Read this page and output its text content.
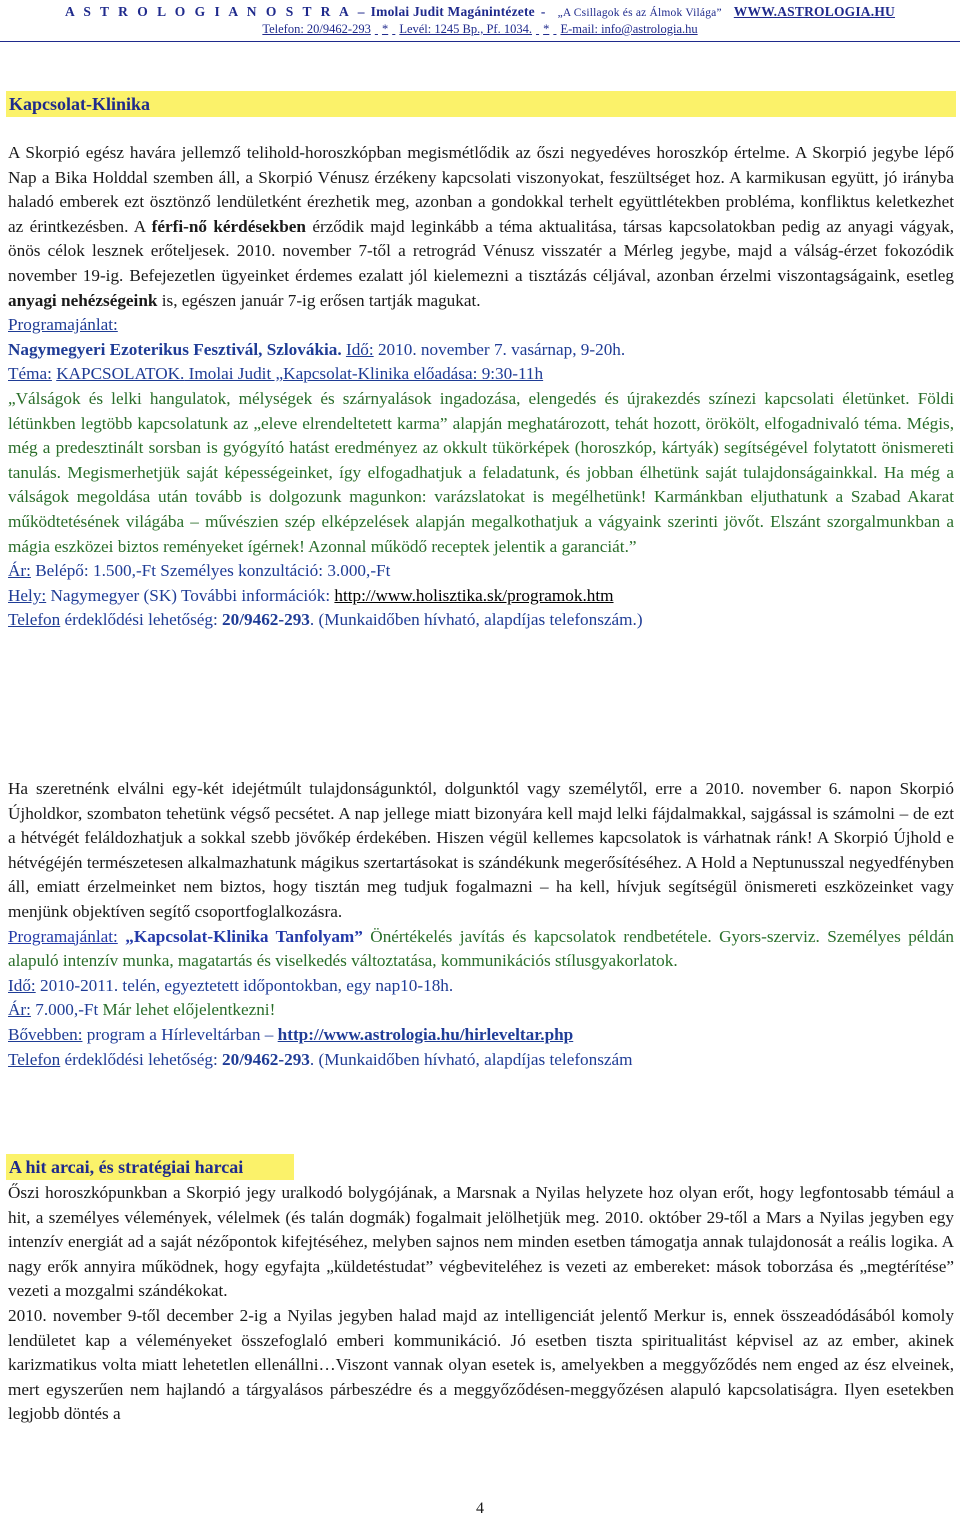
A S T R O L O G I A N O S T R A – Imolai Judit Magánintézete - „A Csillagok és az Álmok Világa” WWW.ASTROLOGIA.HU
Telefon: 20/9462-293 * Levél: 1245 Bp., Pf. 1034. * E-mail: info@astrologia.hu
Kapcsolat-Klinika

A Skorpió egész havára jellemző telihold-horoszkópban megismétlődik az őszi negyedéves horoszkóp értelme. A Skorpió jegybe lépő Nap a Bika Holddal szemben áll, a Skorpió Vénusz érzékeny kapcsolati viszonyokat, feszültséget hoz. A karmikusan együtt, jó irányba haladó emberek ezt ösztönző lendületként érezhetik meg, azonban a gondokkal terhelt együttlétekben probléma, konfliktus keletkezhet az érintkezésben. A férfi-nő kérdésekben érződik majd leginkább a téma aktualitása, társas kapcsolatokban pedig az anyagi vágyak, önös célok lesznek erőteljesek. 2010. november 7-től a retrográd Vénusz visszatér a Mérleg jegybe, majd a válság-érzet fokozódik november 19-ig. Befejezetlen ügyeinket érdemes ezalatt jól kielemezni a tisztázás céljával, azonban érzelmi viszontagságaink, esetleg anyagi nehézségeink is, egészen január 7-ig erősen tartják magukat.

Programajánlat:
Nagymegyeri Ezoterikus Fesztivál, Szlovákia. Idő: 2010. november 7. vasárnap, 9-20h.
Téma: KAPCSOLATOK. Imolai Judit „Kapcsolat-Klinika előadása: 9:30-11h

„Válságok és lelki hangulatok, mélységek és szárnyalások ingadozása, elengedés és újrakezdés színezi kapcsolati életünket. Földi létünkben legtöbb kapcsolatunk az „eleve elrendeltetett karma” alapján meghatározott, tehát hozott, örökölt, elfogadnivaló téma. Mégis, még a predesztinált sorsban is gyógyító hatást eredményez az okkult tükörképek (horoszkóp, kártyák) segítségével folytatott önismereti tanulás. Megismerhetjük saját képességeinket, így elfogadhatjuk a feladatunk, és jobban élhetünk saját tulajdonságainkkal. Ha még a válságok megoldása után tovább is dolgozunk magunkon: varázslatokat is megélhetünk! Karmánkban eljuthatunk a Szabad Akarat működtetésének világába – művészien szép elképzelések alapján megalkothatjuk a vágyaink szerinti jövőt. Elszánt szorgalmunkban a mágia eszközei biztos reményeket ígérnek! Azonnal működő receptek jelentik a garanciát.”

Ár: Belépő: 1.500,-Ft Személyes konzultáció: 3.000,-Ft
Hely: Nagymegyer (SK) További információk: http://www.holisztika.sk/programok.htm
Telefon érdeklődési lehetőség: 20/9462-293. (Munkaidőben hívható, alapdíjas telefonszám.)

Ha szeretnénk elválni egy-két idejétmúlt tulajdonságunktól, dolgunktól vagy személytől, erre a 2010. november 6. napon Skorpió Újholdkor, szombaton tehetünk végső pecsétet. A nap jellege miatt bizonyára kell majd lelki fájdalmakkal, sajgással is számolni – de ezt a hétvégét feláldozhatjuk a sokkal szebb jövőkép érdekében. Hiszen végül kellemes kapcsolatok is várhatnak ránk! A Skorpió Újhold e hétvégéjén természetesen alkalmazhatunk mágikus szertartásokat is szándékunk megerősítéséhez. A Hold a Neptunusszal negyedfényben áll, emiatt érzelmeinket nem biztos, hogy tisztán meg tudjuk fogalmazni – ha kell, hívjuk segítségül önismereti eszközeinket vagy menjünk objektíven segítő csoportfoglalkozásra.

Programajánlat: „Kapcsolat-Klinika Tanfolyam” Önértékelés javítás és kapcsolatok rendbetétele. Gyors-szerviz. Személyes példán alapuló intenzív munka, magatartás és viselkedés változtatása, kommunikációs stílusgyakorlatok.

Idő: 2010-2011. telén, egyeztetett időpontokban, egy nap10-18h.
Ár: 7.000,-Ft Már lehet előjelentkezni!
Bővebben: program a Hírleveltárban – http://www.astrologia.hu/hirleveltar.php
Telefon érdeklődési lehetőség: 20/9462-293. (Munkaidőben hívható, alapdíjas telefonszám
A hit arcai, és stratégiai harcai

Őszi horoszkópunkban a Skorpió jegy uralkodó bolygójának, a Marsnak a Nyilas helyzete hoz olyan erőt, hogy legfontosabb témául a hit, a személyes vélemények, vélelmek (és talán dogmák) fogalmait jelölhetjük meg. 2010. október 29-től a Mars a Nyilas jegyben egy intenzív energiát ad a saját nézőpontok kifejtéséhez, melyben sajnos nem minden esetben támogatja annak tulajdonosát a reális logika. A nagy erők annyira működnek, hogy egyfajta „küldetéstudat” végbeviteléhez is vezeti az embereket: mások toborzása és „megtérítése” vezeti a mozgalmi szándékokat.

2010. november 9-től december 2-ig a Nyilas jegyben halad majd az intelligenciát jelentő Merkur is, ennek összeadódásából komoly lendületet kap a véleményeket összefoglaló emberi kommunikáció. Jó esetben tiszta spiritualitást képvisel az az ember, akinek karizmatikus volta miatt lehetetlen ellenállni…Viszont vannak olyan esetek is, amelyekben a meggyőződés nem enged az ész elveinek, mert egyszerűen nem hajlandó a tárgyalásos párbeszédre és a meggyőződésen-meggyőzésen alapuló kapcsolatiságra. Ilyen esetekben legjobb döntés a

4
